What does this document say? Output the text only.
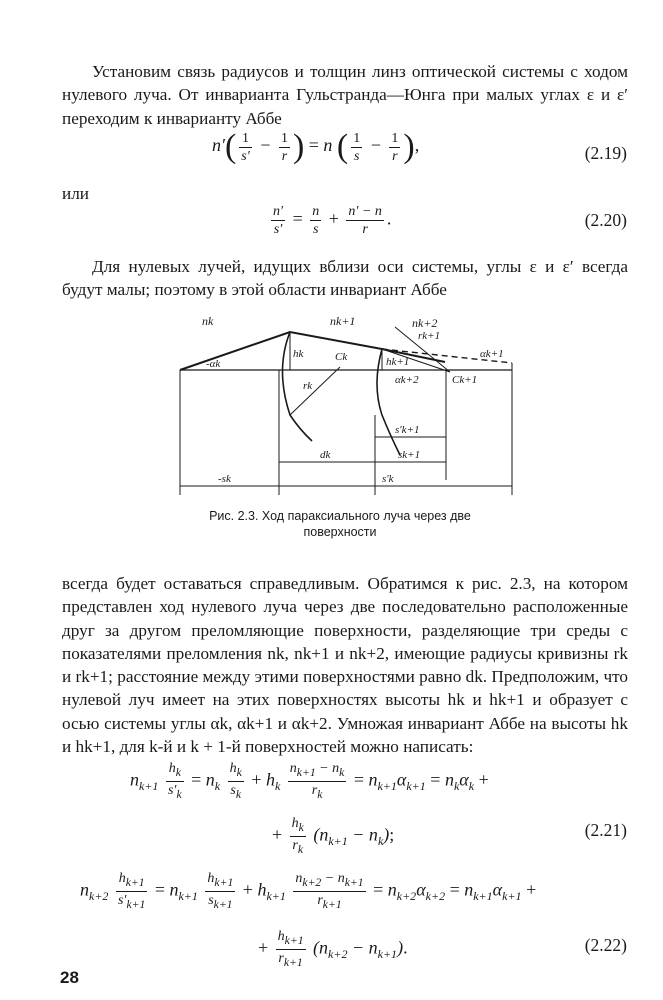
Установим связь радиусов и толщин линз оптической системы с ходом нулевого луча. От инварианта Гульстранда—Юнга при малых углах ε и ε′ переходим к инварианту Аббе

$n'( \frac{1}{s'} - \frac{1}{r}$ ) = n ( $\frac{1}{s} - \frac{1}{r}$ ),	(2.19)
или
$\frac{n'}{s'} = \frac{n}{s} + \frac{n' - n}{r}$ .	(2.20)

Для нулевых лучей, идущих вблизи оси системы, углы ε и ε′ всегда будут малы; поэтому в этой области инвариант Аббе

nk	nk+1	nk+2
-αk
hk	Ck
rk
hk+1
rk+1
αk+1
αk+2	Ck+1
s′k+1
dk	sk+1
-sk	s′k
Рис. 2.3. Ход параксиального луча через две
поверхности

всегда будет оставаться справедливым. Обратимся к рис. 2.3, на котором представлен ход нулевого луча через две последовательно расположенные друг за другом преломляющие поверхности, разделяющие три среды с показателями преломления nk, nk+1 и nk+2, имеющие радиусы кривизны rk и rk+1; расстояние между этими поверхностями равно dk. Предположим, что нулевой луч имеет на этих поверхностях высоты hk и hk+1 и образует с осью системы углы αk, αk+1 и αk+2. Умножая инвариант Аббе на высоты hk и hk+1, для k-й и k + 1-й поверхностей можно написать:

$n_{k+1} \frac{h_k}{s'_k} = n_k \frac{h_k}{s_k} + h_k \frac{n_{k+1} - n_k}{r_k} = n_{k+1}\alpha_{k+1} = n_k\alpha_k$ +
+ $\frac{h_k}{r_k} (n_{k+1} - n_k)$;	(2.21)
$n_{k+2} \frac{h_{k+1}}{s'_{k+1}} = n_{k+1} \frac{h_{k+1}}{s_{k+1}} + h_{k+1} \frac{n_{k+2} - n_{k+1}}{r_{k+1}} = n_{k+2}\alpha_{k+2} = n_{k+1}\alpha_{k+1}$ +
+ $\frac{h_{k+1}}{r_{k+1}} (n_{k+2} - n_{k+1})$.	(2.22)
28
